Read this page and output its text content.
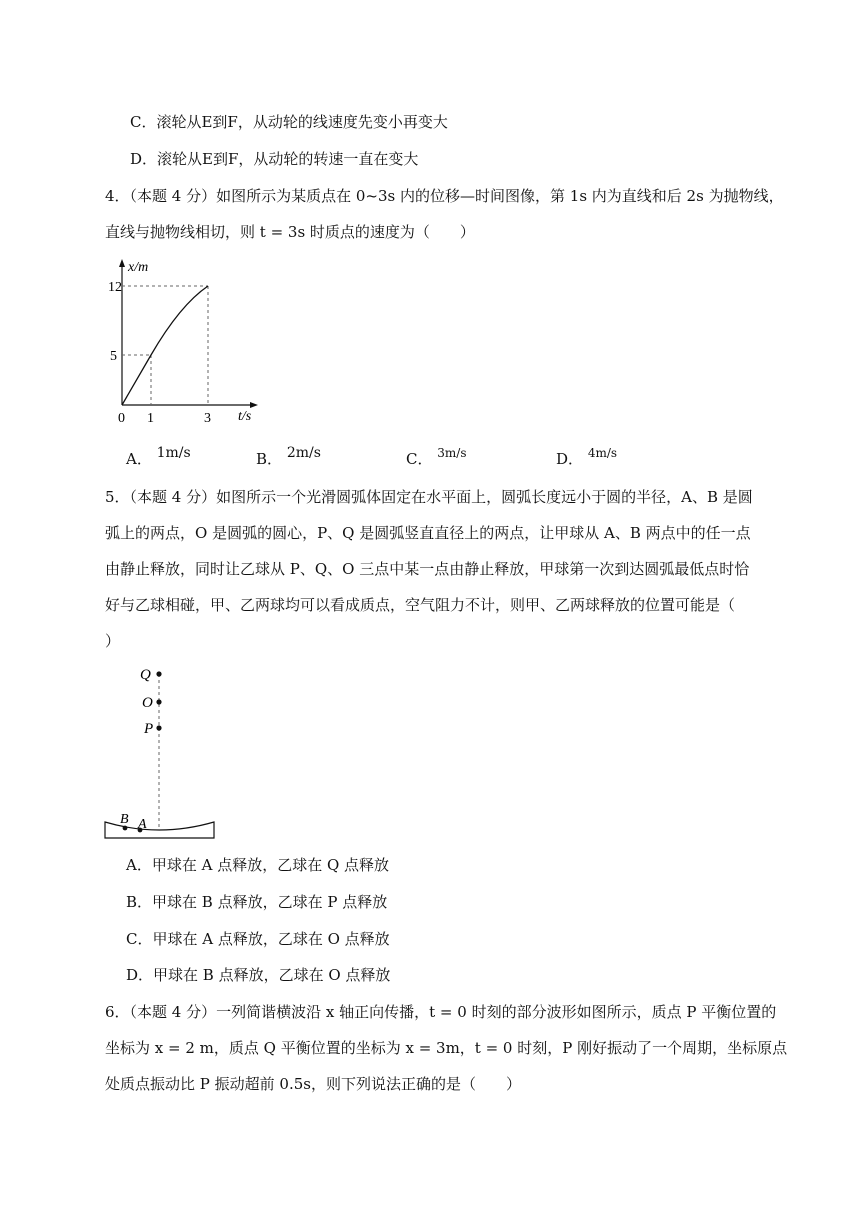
C．滚轮从E到F，从动轮的线速度先变小再变大
D．滚轮从E到F，从动轮的转速一直在变大
4．（本题 4 分）如图所示为某质点在 0~3s 内的位移—时间图像，第 1s 内为直线和后 2s 为抛物线，
直线与抛物线相切，则 t = 3s 时质点的速度为（　　）
x/m
t/s
12
5
0 1	3
A． 1m/s	B． 2m/s	C． $^{3m/s}$	D． $^{4m/s}$
5．（本题 4 分）如图所示一个光滑圆弧体固定在水平面上，圆弧长度远小于圆的半径，A、B 是圆
弧上的两点，O 是圆弧的圆心，P、Q 是圆弧竖直直径上的两点，让甲球从 A、B 两点中的任一点
由静止释放，同时让乙球从 P、Q、O 三点中某一点由静止释放，甲球第一次到达圆弧最低点时恰
好与乙球相碰，甲、乙两球均可以看成质点，空气阻力不计，则甲、乙两球释放的位置可能是（
）
Q
O
P
B A
A．甲球在 A 点释放，乙球在 Q 点释放
B．甲球在 B 点释放，乙球在 P 点释放
C．甲球在 A 点释放，乙球在 O 点释放
D．甲球在 B 点释放，乙球在 O 点释放
6．（本题 4 分）一列简谐横波沿 x 轴正向传播，t = 0 时刻的部分波形如图所示，质点 P 平衡位置的
坐标为 x = 2 m，质点 Q 平衡位置的坐标为 x = 3m，t = 0 时刻，P 刚好振动了一个周期，坐标原点
处质点振动比 P 振动超前 0.5s，则下列说法正确的是（　　）
